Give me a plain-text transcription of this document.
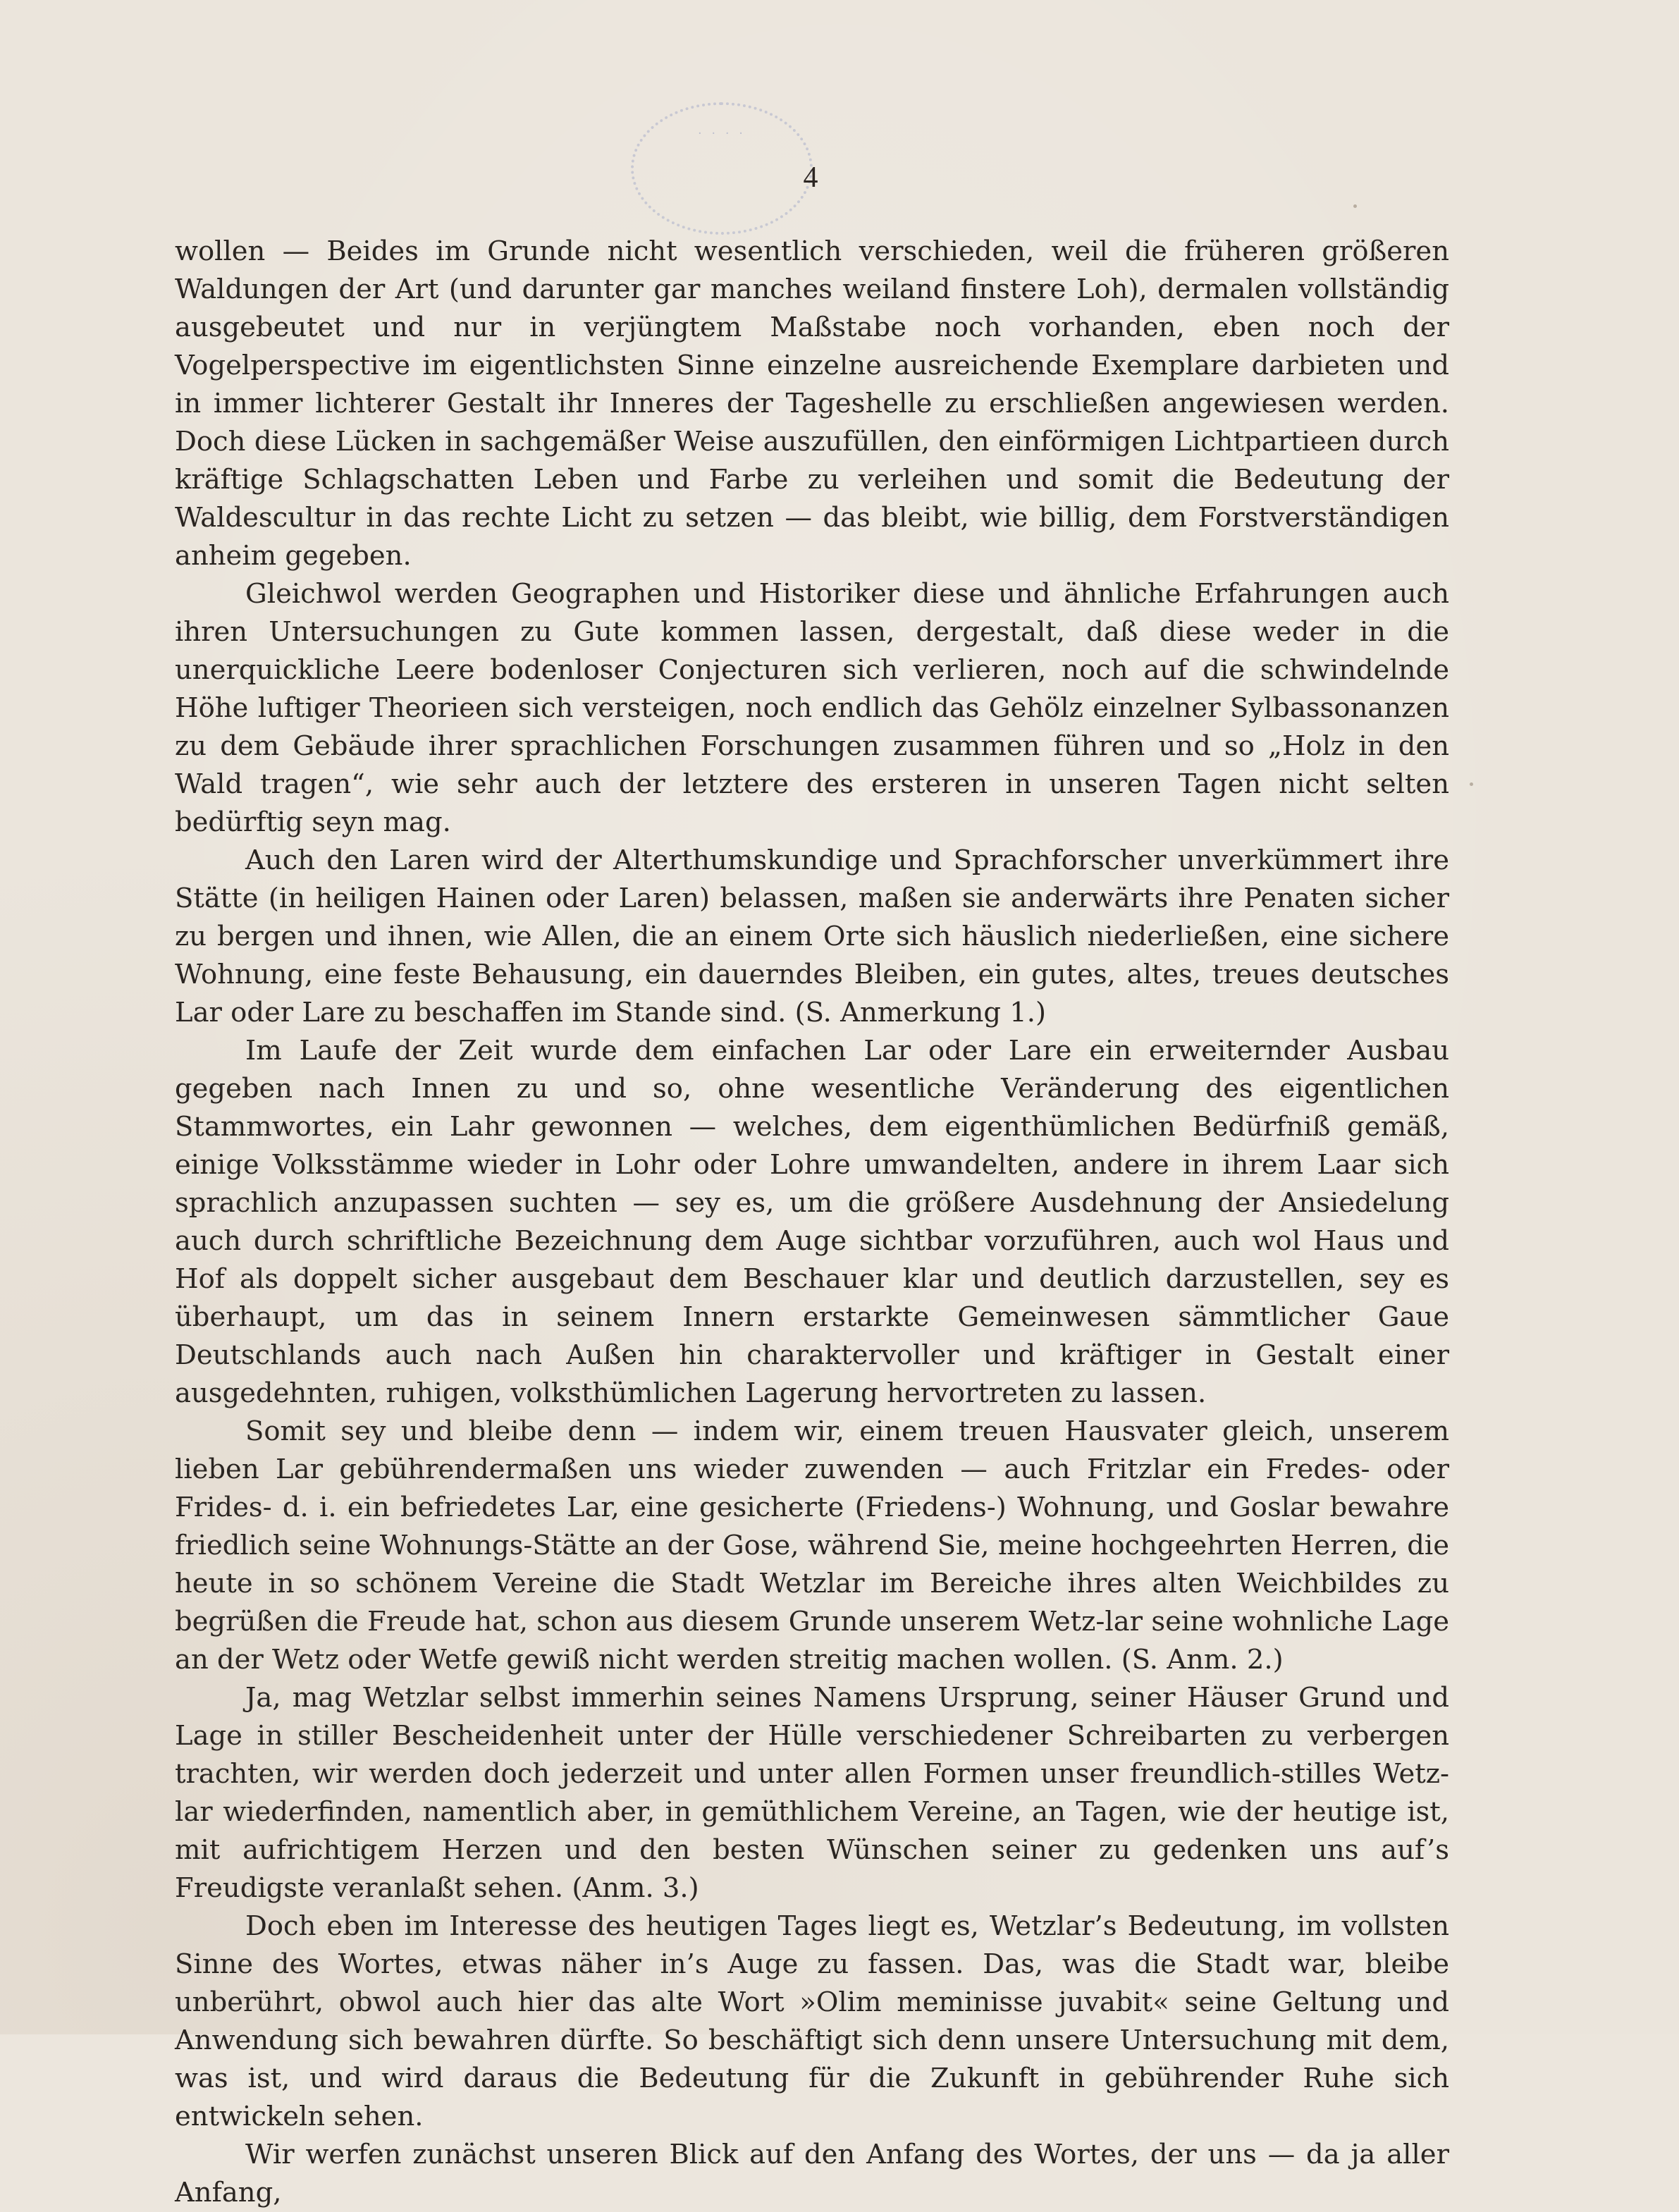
· · · ·
4

wollen — Beides im Grunde nicht wesentlich verschieden, weil die früheren größeren Waldungen der Art (und darunter gar manches weiland finstere Loh), dermalen vollständig ausgebeutet und nur in verjüngtem Maßstabe noch vorhanden, eben noch der Vogelperspective im eigentlichsten Sinne einzelne ausreichende Exemplare darbieten und in immer lichterer Gestalt ihr Inneres der Tageshelle zu erschließen angewiesen werden. Doch diese Lücken in sachgemäßer Weise auszufüllen, den einförmigen Lichtpartieen durch kräftige Schlagschatten Leben und Farbe zu verleihen und somit die Bedeutung der Waldescultur in das rechte Licht zu setzen — das bleibt, wie billig, dem Forstverständigen anheim gegeben.

Gleichwol werden Geographen und Historiker diese und ähnliche Erfahrungen auch ihren Untersuchungen zu Gute kommen lassen, dergestalt, daß diese weder in die unerquickliche Leere bodenloser Conjecturen sich verlieren, noch auf die schwindelnde Höhe luftiger Theorieen sich versteigen, noch endlich das Gehölz einzelner Sylbassonanzen zu dem Gebäude ihrer sprachlichen Forschungen zusammen führen und so „Holz in den Wald tragen“, wie sehr auch der letztere des ersteren in unseren Tagen nicht selten bedürftig seyn mag.

Auch den Laren wird der Alterthumskundige und Sprachforscher unverkümmert ihre Stätte (in heiligen Hainen oder Laren) belassen, maßen sie anderwärts ihre Penaten sicher zu bergen und ihnen, wie Allen, die an einem Orte sich häuslich niederließen, eine sichere Wohnung, eine feste Behausung, ein dauerndes Bleiben, ein gutes, altes, treues deutsches Lar oder Lare zu beschaffen im Stande sind. (S. Anmerkung 1.)

Im Laufe der Zeit wurde dem einfachen Lar oder Lare ein erweiternder Ausbau gegeben nach Innen zu und so, ohne wesentliche Veränderung des eigentlichen Stammwortes, ein Lahr gewonnen — welches, dem eigenthümlichen Bedürfniß gemäß, einige Volksstämme wieder in Lohr oder Lohre umwandelten, andere in ihrem Laar sich sprachlich anzupassen suchten — sey es, um die größere Ausdehnung der Ansiedelung auch durch schriftliche Bezeichnung dem Auge sichtbar vorzuführen, auch wol Haus und Hof als doppelt sicher ausgebaut dem Beschauer klar und deutlich darzustellen, sey es überhaupt, um das in seinem Innern erstarkte Gemeinwesen sämmtlicher Gaue Deutschlands auch nach Außen hin charaktervoller und kräftiger in Gestalt einer ausgedehnten, ruhigen, volksthümlichen Lagerung hervortreten zu lassen.

Somit sey und bleibe denn — indem wir, einem treuen Hausvater gleich, unserem lieben Lar gebührendermaßen uns wieder zuwenden — auch Fritzlar ein Fredes- oder Frides- d. i. ein befriedetes Lar, eine gesicherte (Friedens-) Wohnung, und Goslar bewahre friedlich seine Wohnungs-Stätte an der Gose, während Sie, meine hochgeehrten Herren, die heute in so schönem Vereine die Stadt Wetzlar im Bereiche ihres alten Weichbildes zu begrüßen die Freude hat, schon aus diesem Grunde unserem Wetz-lar seine wohnliche Lage an der Wetz oder Wetfe gewiß nicht werden streitig machen wollen. (S. Anm. 2.)

Ja, mag Wetzlar selbst immerhin seines Namens Ursprung, seiner Häuser Grund und Lage in stiller Bescheidenheit unter der Hülle verschiedener Schreibarten zu verbergen trachten, wir werden doch jederzeit und unter allen Formen unser freundlich-stilles Wetz-lar wiederfinden, namentlich aber, in gemüthlichem Vereine, an Tagen, wie der heutige ist, mit aufrichtigem Herzen und den besten Wünschen seiner zu gedenken uns auf’s Freudigste veranlaßt sehen. (Anm. 3.)

Doch eben im Interesse des heutigen Tages liegt es, Wetzlar’s Bedeutung, im vollsten Sinne des Wortes, etwas näher in’s Auge zu fassen. Das, was die Stadt war, bleibe unberührt, obwol auch hier das alte Wort »Olim meminisse juvabit« seine Geltung und Anwendung sich bewahren dürfte. So beschäftigt sich denn unsere Untersuchung mit dem, was ist, und wird daraus die Bedeutung für die Zukunft in gebührender Ruhe sich entwickeln sehen.

Wir werfen zunächst unseren Blick auf den Anfang des Wortes, der uns — da ja aller Anfang,
